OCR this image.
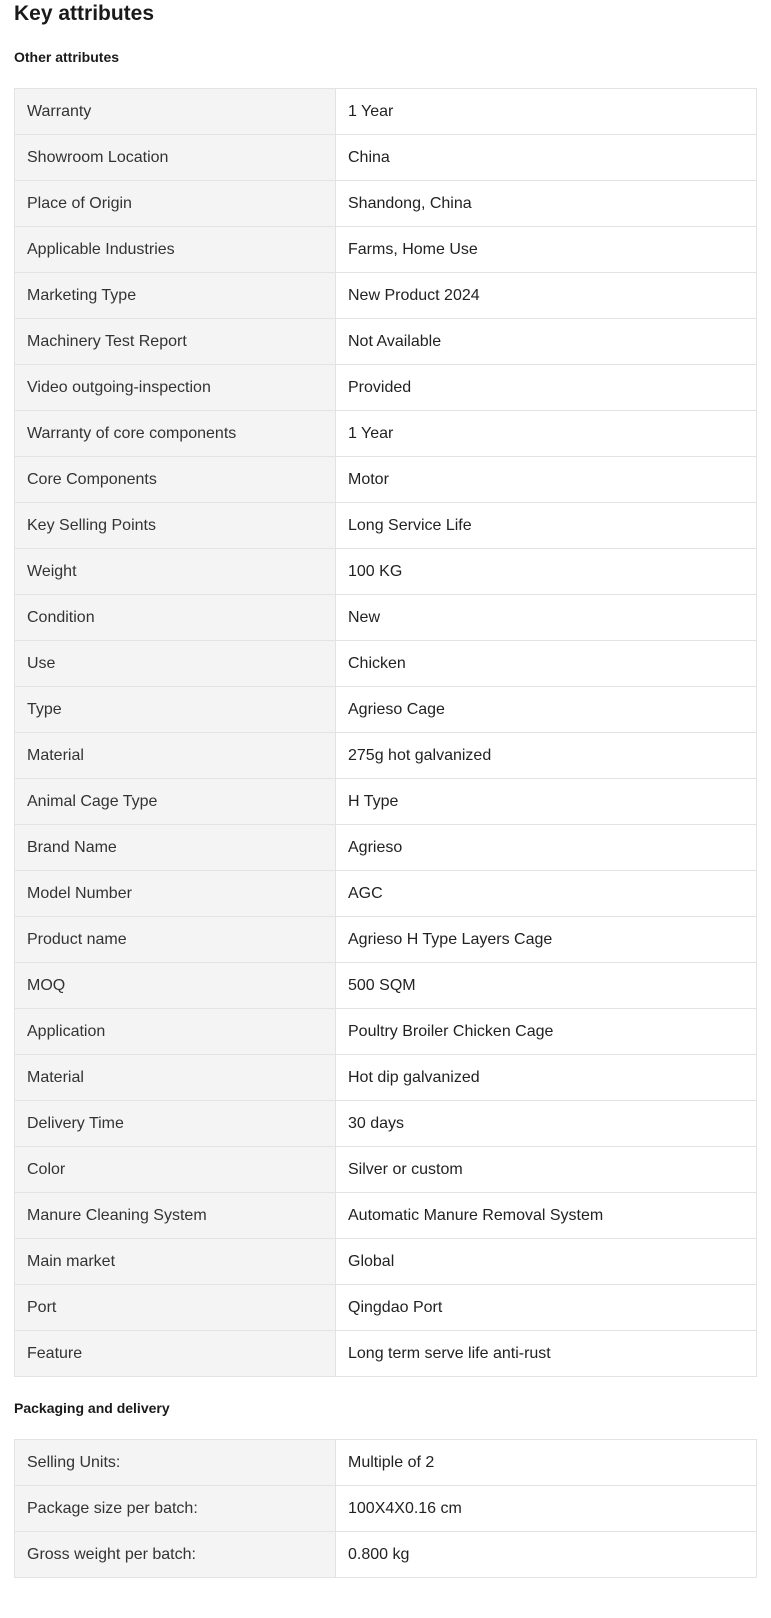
Key attributes
Other attributes
Warranty	1 Year
Showroom Location	China
Place of Origin	Shandong, China
Applicable Industries	Farms, Home Use
Marketing Type	New Product 2024
Machinery Test Report	Not Available
Video outgoing-inspection	Provided
Warranty of core components	1 Year
Core Components	Motor
Key Selling Points	Long Service Life
Weight	100 KG
Condition	New
Use	Chicken
Type	Agrieso Cage
Material	275g hot galvanized
Animal Cage Type	H Type
Brand Name	Agrieso
Model Number	AGC
Product name	Agrieso H Type Layers Cage
MOQ	500 SQM
Application	Poultry Broiler Chicken Cage
Material	Hot dip galvanized
Delivery Time	30 days
Color	Silver or custom
Manure Cleaning System	Automatic Manure Removal System
Main market	Global
Port	Qingdao Port
Feature	Long term serve life anti-rust
Packaging and delivery
Selling Units:	Multiple of 2
Package size per batch:	100X4X0.16 cm
Gross weight per batch:	0.800 kg
